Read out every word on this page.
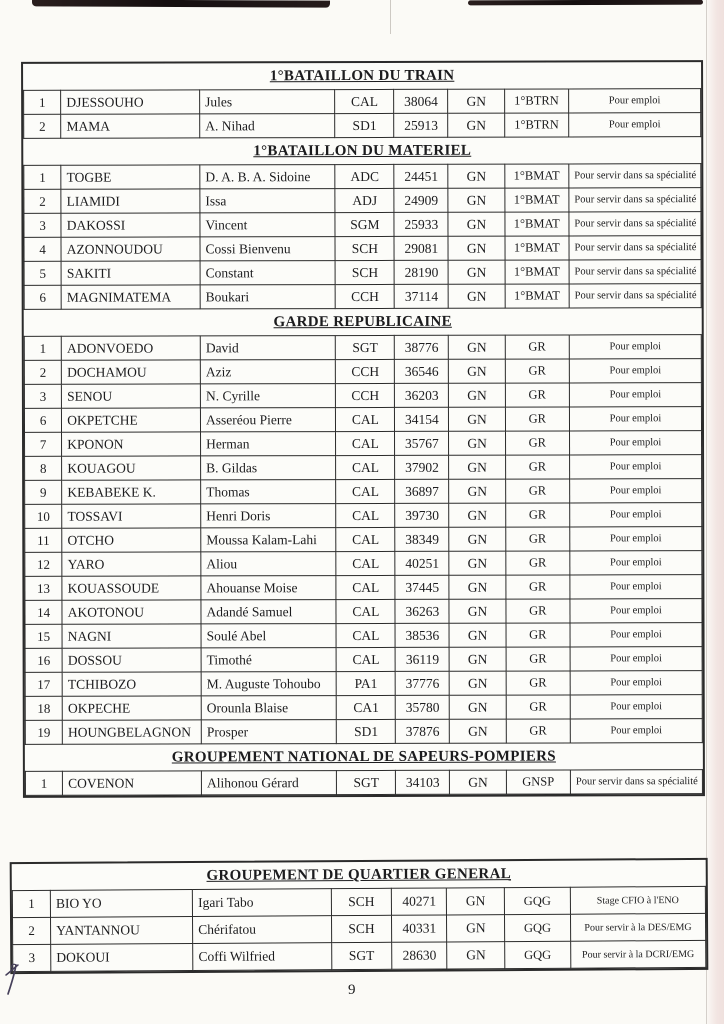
1°BATAILLON DU TRAIN
1	DJESSOUHO	Jules	CAL	38064	GN	1°BTRN	Pour emploi
2	MAMA	A. Nihad	SD1	25913	GN	1°BTRN	Pour emploi
1°BATAILLON DU MATERIEL
1	TOGBE	D. A. B. A. Sidoine	ADC	24451	GN	1°BMAT	Pour servir dans sa spécialité
2	LIAMIDI	Issa	ADJ	24909	GN	1°BMAT	Pour servir dans sa spécialité
3	DAKOSSI	Vincent	SGM	25933	GN	1°BMAT	Pour servir dans sa spécialité
4	AZONNOUDOU	Cossi Bienvenu	SCH	29081	GN	1°BMAT	Pour servir dans sa spécialité
5	SAKITI	Constant	SCH	28190	GN	1°BMAT	Pour servir dans sa spécialité
6	MAGNIMATEMA	Boukari	CCH	37114	GN	1°BMAT	Pour servir dans sa spécialité
GARDE REPUBLICAINE
1	ADONVOEDO	David	SGT	38776	GN	GR	Pour emploi
2	DOCHAMOU	Aziz	CCH	36546	GN	GR	Pour emploi
3	SENOU	N. Cyrille	CCH	36203	GN	GR	Pour emploi
6	OKPETCHE	Asseréou Pierre	CAL	34154	GN	GR	Pour emploi
7	KPONON	Herman	CAL	35767	GN	GR	Pour emploi
8	KOUAGOU	B. Gildas	CAL	37902	GN	GR	Pour emploi
9	KEBABEKE K.	Thomas	CAL	36897	GN	GR	Pour emploi
10	TOSSAVI	Henri Doris	CAL	39730	GN	GR	Pour emploi
11	OTCHO	Moussa Kalam-Lahi	CAL	38349	GN	GR	Pour emploi
12	YARO	Aliou	CAL	40251	GN	GR	Pour emploi
13	KOUASSOUDE	Ahouanse Moise	CAL	37445	GN	GR	Pour emploi
14	AKOTONOU	Adandé Samuel	CAL	36263	GN	GR	Pour emploi
15	NAGNI	Soulé Abel	CAL	38536	GN	GR	Pour emploi
16	DOSSOU	Timothé	CAL	36119	GN	GR	Pour emploi
17	TCHIBOZO	M. Auguste Tohoubo	PA1	37776	GN	GR	Pour emploi
18	OKPECHE	Orounla Blaise	CA1	35780	GN	GR	Pour emploi
19	HOUNGBELAGNON	Prosper	SD1	37876	GN	GR	Pour emploi
GROUPEMENT NATIONAL DE SAPEURS-POMPIERS
1	COVENON	Alihonou Gérard	SGT	34103	GN	GNSP	Pour servir dans sa spécialité
GROUPEMENT DE QUARTIER GENERAL
1	BIO YO	Igari Tabo	SCH	40271	GN	GQG	Stage CFIO à l'ENO
2	YANTANNOU	Chérifatou	SCH	40331	GN	GQG	Pour servir à la DES/EMG
3	DOKOUI	Coffi Wilfried	SGT	28630	GN	GQG	Pour servir à la DCRI/EMG
9
